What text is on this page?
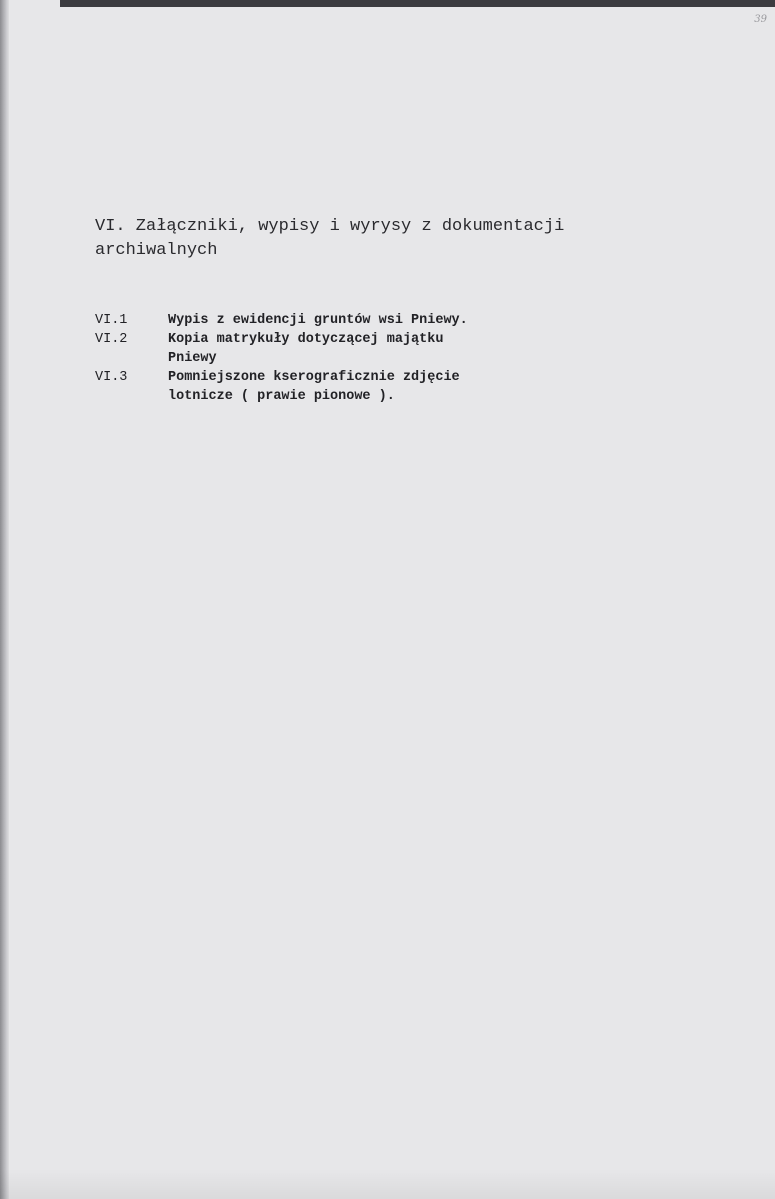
39
VI. Załączniki, wypisy i wyrysy z dokumentacji
archiwalnych
VI.1	Wypis z ewidencji gruntów wsi Pniewy.
VI.2	Kopia matrykuły dotyczącej majątku
Pniewy
VI.3	Pomniejszone kserograficznie zdjęcie
lotnicze ( prawie pionowe ).
